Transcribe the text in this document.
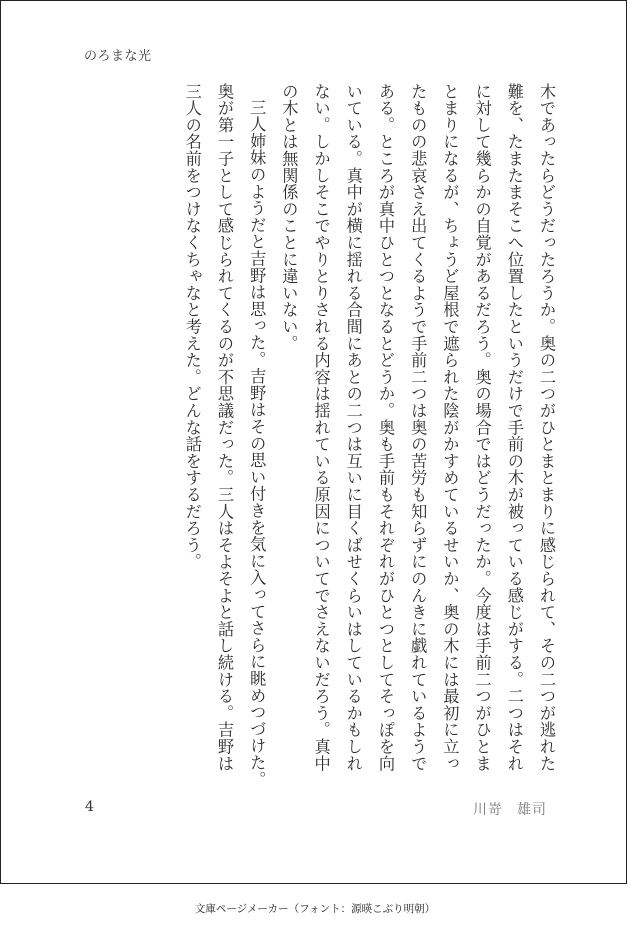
のろまな光

木であったらどうだったろうか。奥の二つがひとまとまりに感じられて、その二つが逃れた難を、たまたまそこへ位置したというだけで手前の木が被っている感じがする。二つはそれに対して幾らかの自覚があるだろう。奥の場合ではどうだったか。今度は手前二つがひとまとまりになるが、ちょうど屋根で遮られた陰がかすめているせいか、奥の木には最初に立ったものの悲哀さえ出てくるようで手前二つは奥の苦労も知らずにのんきに戯れているようである。ところが真中ひとつとなるとどうか。奥も手前もそれぞれがひとつとしてそっぽを向いている。真中が横に揺れる合間にあとの二つは互いに目くばせくらいはしているかもしれない。しかしそこでやりとりされる内容は揺れている原因についてでさえないだろう。真中の木とは無関係のことに違いない。

三人姉妹のようだと吉野は思った。吉野はその思い付きを気に入ってさらに眺めつづけた。奥が第一子として感じられてくるのが不思議だった。三人はそよそよと話し続ける。吉野は三人の名前をつけなくちゃなと考えた。どんな話をするだろう。

4	川嵜 雄司
文庫ページメーカー（フォント：源暎こぶり明朝）
